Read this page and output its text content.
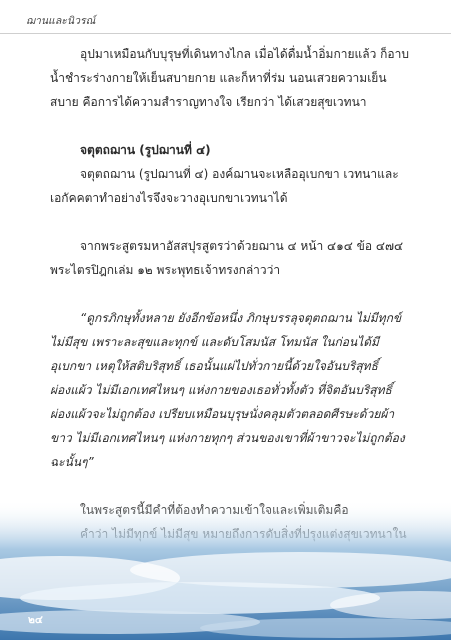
ฌานและนิวรณ์

อุปมาเหมือนกับบุรุษที่เดินทางไกล เมื่อได้ดื่มน้ำอิ่มกายแล้ว ก็อาบน้ำชำระร่างกายให้เย็นสบายกาย และก็หาที่ร่ม นอนเสวยความเย็นสบาย คือการได้ความสำราญทางใจ เรียกว่า ได้เสวยสุขเวทนา

จตุตถฌาน (รูปฌานที่ ๔)

จตุตถฌาน (รูปฌานที่ ๔) องค์ฌานจะเหลืออุเบกขา เวทนาและเอกัคคตาทำอย่างไรจึงจะวางอุเบกขาเวทนาได้

จากพระสูตรมหาอัสสปุรสูตรว่าด้วยฌาน ๔ หน้า ๔๑๔ ข้อ ๔๗๔ พระไตรปิฎกเล่ม ๑๒ พระพุทธเจ้าทรงกล่าวว่า

“ดูกรภิกษุทั้งหลาย ยังอีกข้อหนึ่ง ภิกษุบรรลุจตุตถฌาน ไม่มีทุกข์ ไม่มีสุข เพราะละสุขและทุกข์ และดับโสมนัส โทมนัส ในก่อนได้มีอุเบกขา เหตุให้สติบริสุทธิ์ เธอนั้นแผ่ไปทั่วกายนี้ด้วยใจอันบริสุทธิ์ผ่องแผ้ว ไม่มีเอกเทศไหนๆ แห่งกายของเธอทั่วทั้งตัว ที่จิตอันบริสุทธิ์ผ่องแผ้วจะไม่ถูกต้อง เปรียบเหมือนบุรุษนั่งคลุมตัวตลอดศีรษะด้วยผ้าขาว ไม่มีเอกเทศไหนๆ แห่งกายทุกๆ ส่วนของเขาที่ผ้าขาวจะไม่ถูกต้องฉะนั้นๆ”

๒๔
